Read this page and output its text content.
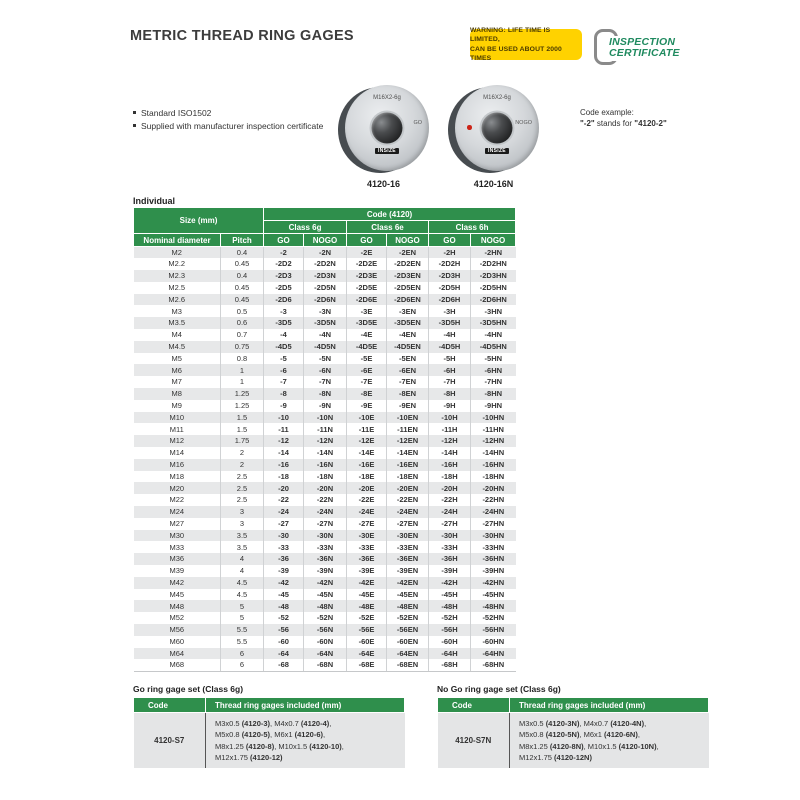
METRIC THREAD RING GAGES	WARNING: LIFE TIME IS LIMITED,
CAN BE USED ABOUT 2000 TIMES
INSPECTION
CERTIFICATE
Standard ISO1502
Supplied with manufacturer inspection certificate
M16X2-6g
GO
INSIZE
4120-16
M16X2-6g
NOGO
INSIZE
4120-16N
Code example:
"-2" stands for "4120-2"
Individual
Size (mm)		Code (4120)					
		Class 6g		Class 6e		Class 6h	
Nominal diameter	Pitch	GO	NOGO	GO	NOGO	GO	NOGO
M2	0.4	-2	-2N	-2E	-2EN	-2H	-2HN
M2.2	0.45	-2D2	-2D2N	-2D2E	-2D2EN	-2D2H	-2D2HN
M2.3	0.4	-2D3	-2D3N	-2D3E	-2D3EN	-2D3H	-2D3HN
M2.5	0.45	-2D5	-2D5N	-2D5E	-2D5EN	-2D5H	-2D5HN
M2.6	0.45	-2D6	-2D6N	-2D6E	-2D6EN	-2D6H	-2D6HN
M3	0.5	-3	-3N	-3E	-3EN	-3H	-3HN
M3.5	0.6	-3D5	-3D5N	-3D5E	-3D5EN	-3D5H	-3D5HN
M4	0.7	-4	-4N	-4E	-4EN	-4H	-4HN
M4.5	0.75	-4D5	-4D5N	-4D5E	-4D5EN	-4D5H	-4D5HN
M5	0.8	-5	-5N	-5E	-5EN	-5H	-5HN
M6	1	-6	-6N	-6E	-6EN	-6H	-6HN
M7	1	-7	-7N	-7E	-7EN	-7H	-7HN
M8	1.25	-8	-8N	-8E	-8EN	-8H	-8HN
M9	1.25	-9	-9N	-9E	-9EN	-9H	-9HN
M10	1.5	-10	-10N	-10E	-10EN	-10H	-10HN
M11	1.5	-11	-11N	-11E	-11EN	-11H	-11HN
M12	1.75	-12	-12N	-12E	-12EN	-12H	-12HN
M14	2	-14	-14N	-14E	-14EN	-14H	-14HN
M16	2	-16	-16N	-16E	-16EN	-16H	-16HN
M18	2.5	-18	-18N	-18E	-18EN	-18H	-18HN
M20	2.5	-20	-20N	-20E	-20EN	-20H	-20HN
M22	2.5	-22	-22N	-22E	-22EN	-22H	-22HN
M24	3	-24	-24N	-24E	-24EN	-24H	-24HN
M27	3	-27	-27N	-27E	-27EN	-27H	-27HN
M30	3.5	-30	-30N	-30E	-30EN	-30H	-30HN
M33	3.5	-33	-33N	-33E	-33EN	-33H	-33HN
M36	4	-36	-36N	-36E	-36EN	-36H	-36HN
M39	4	-39	-39N	-39E	-39EN	-39H	-39HN
M42	4.5	-42	-42N	-42E	-42EN	-42H	-42HN
M45	4.5	-45	-45N	-45E	-45EN	-45H	-45HN
M48	5	-48	-48N	-48E	-48EN	-48H	-48HN
M52	5	-52	-52N	-52E	-52EN	-52H	-52HN
M56	5.5	-56	-56N	-56E	-56EN	-56H	-56HN
M60	5.5	-60	-60N	-60E	-60EN	-60H	-60HN
M64	6	-64	-64N	-64E	-64EN	-64H	-64HN
M68	6	-68	-68N	-68E	-68EN	-68H	-68HN
Go ring gage set (Class 6g)
Code	Thread ring gages included (mm)
4120-S7	M3x0.5 (4120-3), M4x0.7 (4120-4),
M5x0.8 (4120-5), M6x1 (4120-6),
M8x1.25 (4120-8), M10x1.5 (4120-10),
M12x1.75 (4120-12)
No Go ring gage set (Class 6g)
Code	Thread ring gages included (mm)
4120-S7N	M3x0.5 (4120-3N), M4x0.7 (4120-4N),
M5x0.8 (4120-5N), M6x1 (4120-6N),
M8x1.25 (4120-8N), M10x1.5 (4120-10N),
M12x1.75 (4120-12N)
